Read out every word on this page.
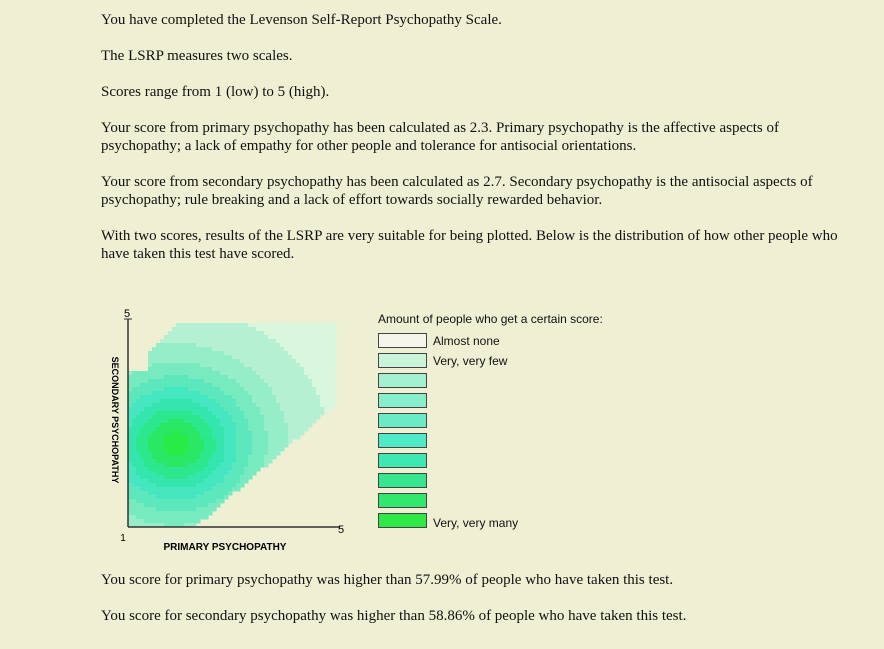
You have completed the Levenson Self-Report Psychopathy Scale.

The LSRP measures two scales.

Scores range from 1 (low) to 5 (high).

Your score from primary psychopathy has been calculated as 2.3. Primary psychopathy is the affective aspects of psychopathy; a lack of empathy for other people and tolerance for antisocial orientations.

Your score from secondary psychopathy has been calculated as 2.7. Secondary psychopathy is the antisocial aspects of psychopathy; rule breaking and a lack of effort towards socially rewarded behavior.

With two scores, results of the LSRP are very suitable for being plotted. Below is the distribution of how other people who have taken this test have scored.

5
1
5
PRIMARY PSYCHOPATHY
SECONDARY PSYCHOPATHY
Amount of people who get a certain score:
Almost none
Very, very few
Very, very many

You score for primary psychopathy was higher than 57.99% of people who have taken this test.

You score for secondary psychopathy was higher than 58.86% of people who have taken this test.
